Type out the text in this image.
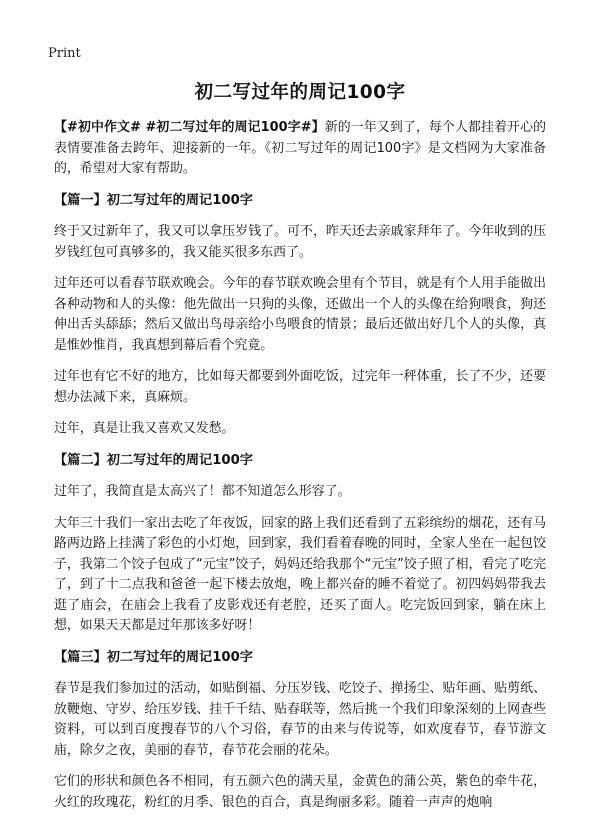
Print
初二写过年的周记100字

【#初中作文# #初二写过年的周记100字#】新的一年又到了，每个人都挂着开心的表情要准备去跨年、迎接新的一年。《初二写过年的周记100字》是文档网为大家准备的，希望对大家有帮助。

【篇一】初二写过年的周记100字

终于又过新年了，我又可以拿压岁钱了。可不，昨天还去亲戚家拜年了。今年收到的压岁钱红包可真够多的，我又能买很多东西了。

过年还可以看春节联欢晚会。今年的春节联欢晚会里有个节目，就是有个人用手能做出各种动物和人的头像：他先做出一只狗的头像，还做出一个人的头像在给狗喂食，狗还伸出舌头舔舔；然后又做出鸟母亲给小鸟喂食的情景；最后还做出好几个人的头像，真是惟妙惟肖，我真想到幕后看个究竟。

过年也有它不好的地方，比如每天都要到外面吃饭，过完年一秤体重，长了不少，还要想办法减下来，真麻烦。

过年，真是让我又喜欢又发愁。

【篇二】初二写过年的周记100字

过年了，我简直是太高兴了！都不知道怎么形容了。

大年三十我们一家出去吃了年夜饭，回家的路上我们还看到了五彩缤纷的烟花，还有马路两边路上挂满了彩色的小灯炮，回到家，我们看着春晚的同时，全家人坐在一起包饺子，我第二个饺子包成了“元宝”饺子，妈妈还给我那个“元宝”饺子照了相，看完了吃完了，到了十二点我和爸爸一起下楼去放炮，晚上都兴奋的睡不着觉了。初四妈妈带我去逛了庙会，在庙会上我看了皮影戏还有老腔，还买了面人。吃完饭回到家，躺在床上想，如果天天都是过年那该多好呀！

【篇三】初二写过年的周记100字

春节是我们参加过的活动，如贴倒福、分压岁钱、吃饺子、掸扬尘、贴年画、贴剪纸、放鞭炮、守岁、给压岁钱、挂千千结、贴春联等，然后挑一个我们印象深刻的上网查些资料，可以到百度搜春节的八个习俗，春节的由来与传说等，如欢度春节，春节游文庙，除夕之夜，美丽的春节，春节花会丽的花朵。

它们的形状和颜色各不相同，有五颜六色的满天星，金黄色的蒲公英，紫色的牵牛花，火红的玫瑰花，粉红的月季、银色的百合，真是绚丽多彩。随着一声声的炮响
